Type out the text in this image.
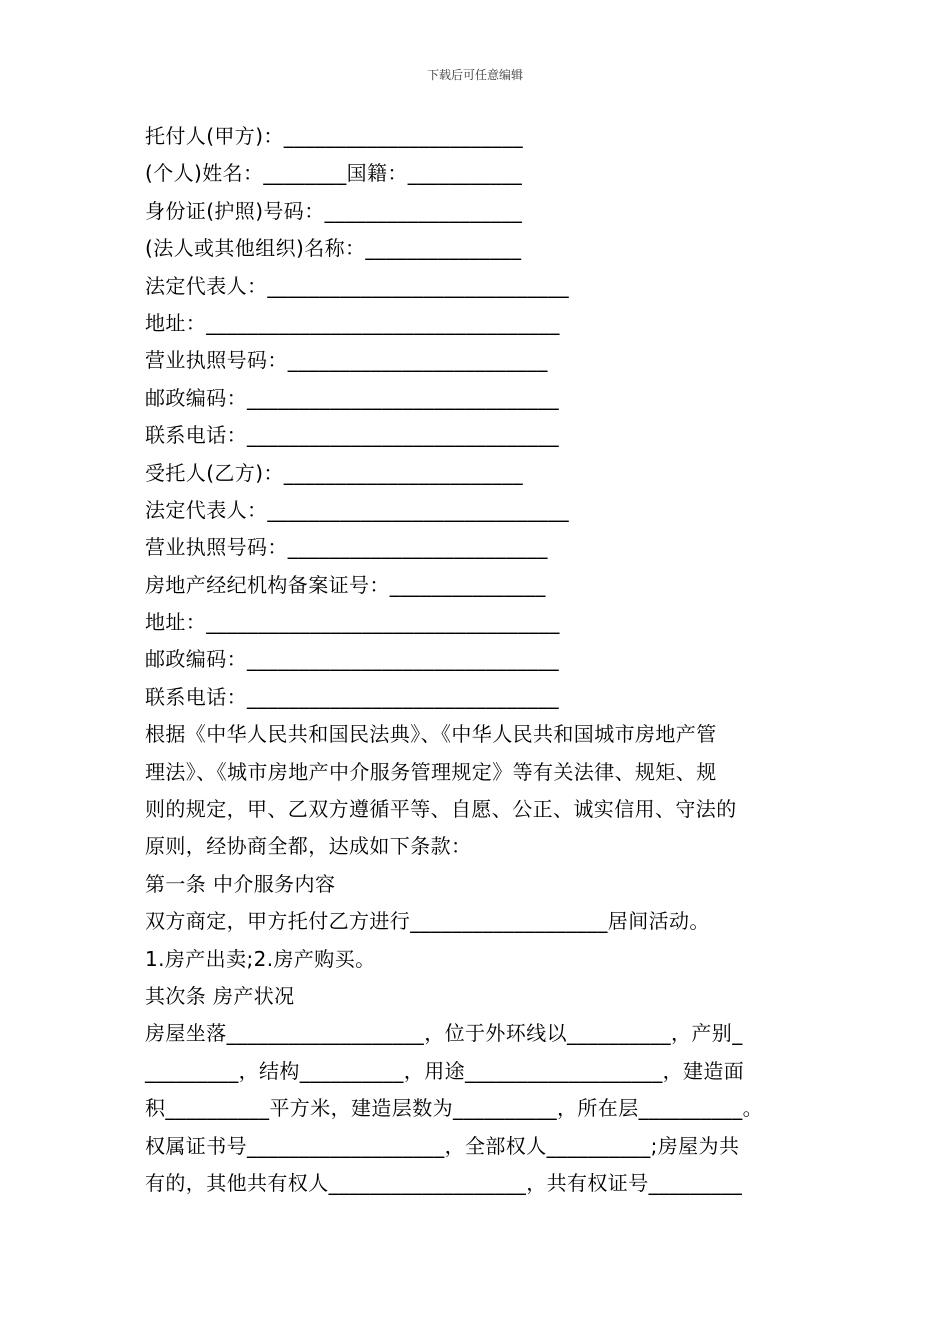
下载后可任意编辑
托付人(甲方)：_______________________
(个人)姓名：________国籍：___________
身份证(护照)号码：___________________
(法人或其他组织)名称：_______________
法定代表人：_____________________________
地址：__________________________________
营业执照号码：_________________________
邮政编码：______________________________
联系电话：______________________________
受托人(乙方)：_______________________
法定代表人：_____________________________
营业执照号码：_________________________
房地产经纪机构备案证号：_______________
地址：__________________________________
邮政编码：______________________________
联系电话：______________________________
根据《中华人民共和国民法典》、《中华人民共和国城市房地产管
理法》、《城市房地产中介服务管理规定》等有关法律、规矩、规
则的规定，甲、乙双方遵循平等、自愿、公正、诚实信用、守法的
原则，经协商全都，达成如下条款：
第一条 中介服务内容
双方商定，甲方托付乙方进行___________________居间活动。
1.房产出卖;2.房产购买。
其次条 房产状况
房屋坐落___________________，位于外环线以__________，产别_
_________，结构__________，用途___________________，建造面
积__________平方米，建造层数为__________，所在层__________。
权属证书号___________________，全部权人__________;房屋为共
有的，其他共有权人___________________，共有权证号_________
